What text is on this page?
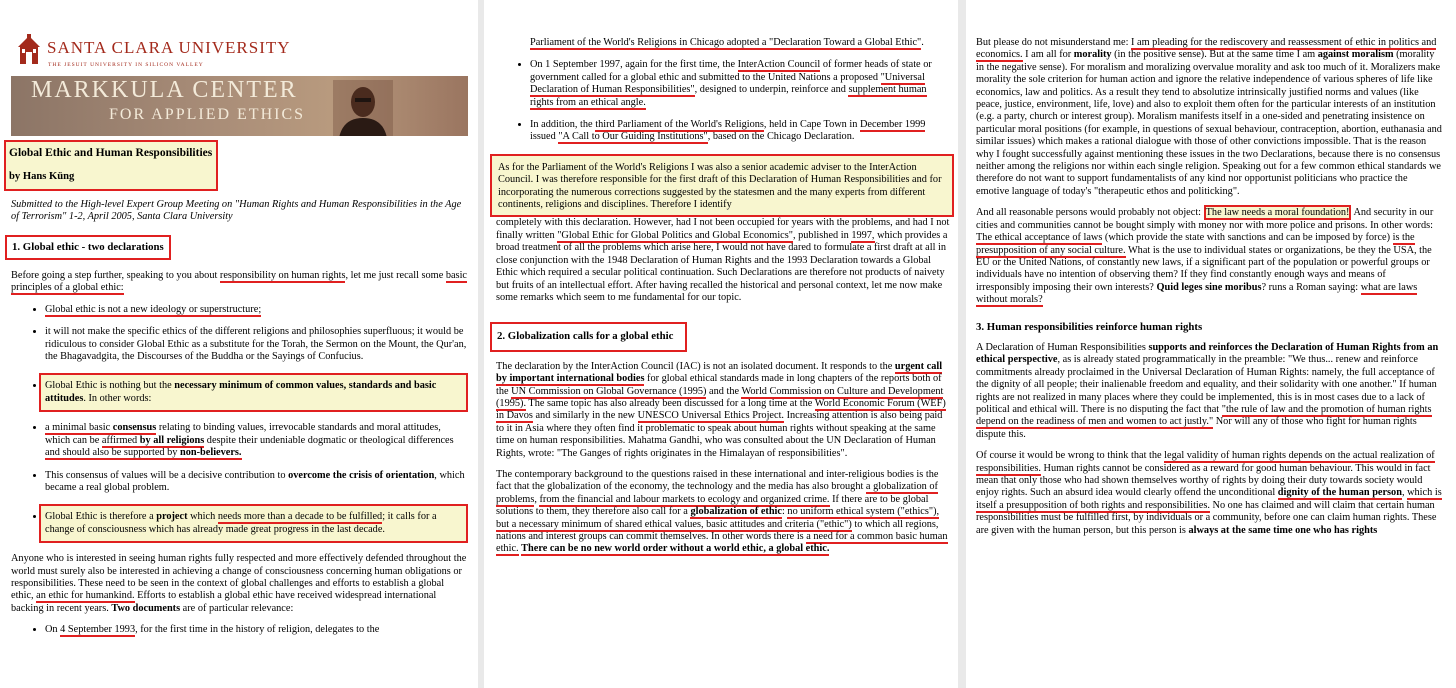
SANTA CLARA UNIVERSITY
THE JESUIT UNIVERSITY IN SILICON VALLEY
MARKKULA CENTER
FOR APPLIED ETHICS
Global Ethic and Human Responsibilities
by Hans Küng

Submitted to the High-level Expert Group Meeting on "Human Rights and Human Responsibilities in the Age of Terrorism" 1-2, April 2005, Santa Clara University

1. Global ethic - two declarations

Before going a step further, speaking to you about responsibility on human rights, let me just recall some basic principles of a global ethic:

• Global ethic is not a new ideology or superstructure;
• it will not make the specific ethics of the different religions and philosophies superfluous; it would be ridiculous to consider Global Ethic as a substitute for the Torah, the Sermon on the Mount, the Qur'an, the Bhagavadgita, the Discourses of the Buddha or the Sayings of Confucius.
• Global Ethic is nothing but the necessary minimum of common values, standards and basic attitudes. In other words:
• a minimal basic consensus relating to binding values, irrevocable standards and moral attitudes, which can be affirmed by all religions despite their undeniable dogmatic or theological differences and should also be supported by non-believers.
• This consensus of values will be a decisive contribution to overcome the crisis of orientation, which became a real global problem.
• Global Ethic is therefore a project which needs more than a decade to be fulfilled; it calls for a change of consciousness which has already made great progress in the last decade.

Anyone who is interested in seeing human rights fully respected and more effectively defended throughout the world must surely also be interested in achieving a change of consciousness concerning human obligations or responsibilities. These need to be seen in the context of global challenges and efforts to establish a global ethic, an ethic for humankind. Efforts to establish a global ethic have received widespread international backing in recent years. Two documents are of particular relevance:

• On 4 September 1993, for the first time in the history of religion, delegates to the
Parliament of the World's Religions in Chicago adopted a "Declaration Toward a Global Ethic".
• On 1 September 1997, again for the first time, the InterAction Council of former heads of state or government called for a global ethic and submitted to the United Nations a proposed "Universal Declaration of Human Responsibilities", designed to underpin, reinforce and supplement human rights from an ethical angle.
• In addition, the third Parliament of the World's Religions, held in Cape Town in December 1999 issued "A Call to Our Guiding Institutions", based on the Chicago Declaration.
As for the Parliament of the World's Religions I was also a senior academic adviser to the InterAction Council. I was therefore responsible for the first draft of this Declaration of Human Responsibilities and for incorporating the numerous corrections suggested by the statesmen and the many experts from different continents, religions and disciplines. Therefore I identify

completely with this declaration. However, had I not been occupied for years with the problems, and had I not finally written "Global Ethic for Global Politics and Global Economics", published in 1997, which provides a broad treatment of all the problems which arise here, I would not have dared to formulate a first draft at all in close conjunction with the 1948 Declaration of Human Rights and the 1993 Declaration towards a Global Ethic which required a secular political continuation. Such Declarations are therefore not products of naivety but fruits of an intellectual effort. After having recalled the historical and personal context, let me now make some remarks which seem to me fundamental for our topic.

2. Globalization calls for a global ethic

The declaration by the InterAction Council (IAC) is not an isolated document. It responds to the urgent call by important international bodies for global ethical standards made in long chapters of the reports both of the UN Commission on Global Governance (1995) and the World Commission on Culture and Development (1995). The same topic has also already been discussed for a long time at the World Economic Forum (WEF) in Davos and similarly in the new UNESCO Universal Ethics Project. Increasing attention is also being paid to it in Asia where they often find it problematic to speak about human rights without speaking at the same time on human responsibilities. Mahatma Gandhi, who was consulted about the UN Declaration of Human Rights, wrote: "The Ganges of rights originates in the Himalayan of responsibilities".

The contemporary background to the questions raised in these international and inter-religious bodies is the fact that the globalization of the economy, the technology and the media has also brought a globalization of problems, from the financial and labour markets to ecology and organized crime. If there are to be global solutions to them, they therefore also call for a globalization of ethic: no uniform ethical system ("ethics"), but a necessary minimum of shared ethical values, basic attitudes and criteria ("ethic") to which all regions, nations and interest groups can commit themselves. In other words there is a need for a common basic human ethic. There can be no new world order without a world ethic, a global ethic.

But please do not misunderstand me: I am pleading for the rediscovery and reassessment of ethic in politics and economics. I am all for morality (in the positive sense). But at the same time I am against moralism (morality in the negative sense). For moralism and moralizing overvalue morality and ask too much of it. Moralizers make morality the sole criterion for human action and ignore the relative independence of various spheres of life like economics, law and politics. As a result they tend to absolutize intrinsically justified norms and values (like peace, justice, environment, life, love) and also to exploit them often for the particular interests of an institution (e.g. a party, church or interest group). Moralism manifests itself in a one-sided and penetrating insistence on particular moral positions (for example, in questions of sexual behaviour, contraception, abortion, euthanasia and similar issues) which makes a rational dialogue with those of other convictions impossible. That is the reason why I fought successfully against mentioning these issues in the two Declarations, because there is no consensus neither among the religions nor within each single religion. Speaking out for a few common ethical standards we therefore do not want to support fundamentalists of any kind nor opportunist politicians who practice the emotive language of today's "therapeutic ethos and politicking".

And all reasonable persons would probably not object: The law needs a moral foundation! And security in our cities and communities cannot be bought simply with money nor with more police and prisons. In other words: The ethical acceptance of laws (which provide the state with sanctions and can be imposed by force) is the presupposition of any social culture. What is the use to individual states or organizations, be they the USA, the EU or the United Nations, of constantly new laws, if a significant part of the population or powerful groups or individuals have no intention of observing them? If they find constantly enough ways and means of irresponsibly imposing their own interests? Quid leges sine moribus? runs a Roman saying: what are laws without morals?

3. Human responsibilities reinforce human rights

A Declaration of Human Responsibilities supports and reinforces the Declaration of Human Rights from an ethical perspective, as is already stated programmatically in the preamble: "We thus... renew and reinforce commitments already proclaimed in the Universal Declaration of Human Rights: namely, the full acceptance of the dignity of all people; their inalienable freedom and equality, and their solidarity with one another." If human rights are not realized in many places where they could be implemented, this is in most cases due to a lack of political and ethical will. There is no disputing the fact that "the rule of law and the promotion of human rights depend on the readiness of men and women to act justly." Nor will any of those who fight for human rights dispute this.

Of course it would be wrong to think that the legal validity of human rights depends on the actual realization of responsibilities. Human rights cannot be considered as a reward for good human behaviour. This would in fact mean that only those who had shown themselves worthy of rights by doing their duty towards society would enjoy rights. Such an absurd idea would clearly offend the unconditional dignity of the human person, which is itself a presupposition of both rights and responsibilities. No one has claimed and will claim that certain human responsibilities must be fulfilled first, by individuals or a community, before one can claim human rights. These are given with the human person, but this person is always at the same time one who has rights
